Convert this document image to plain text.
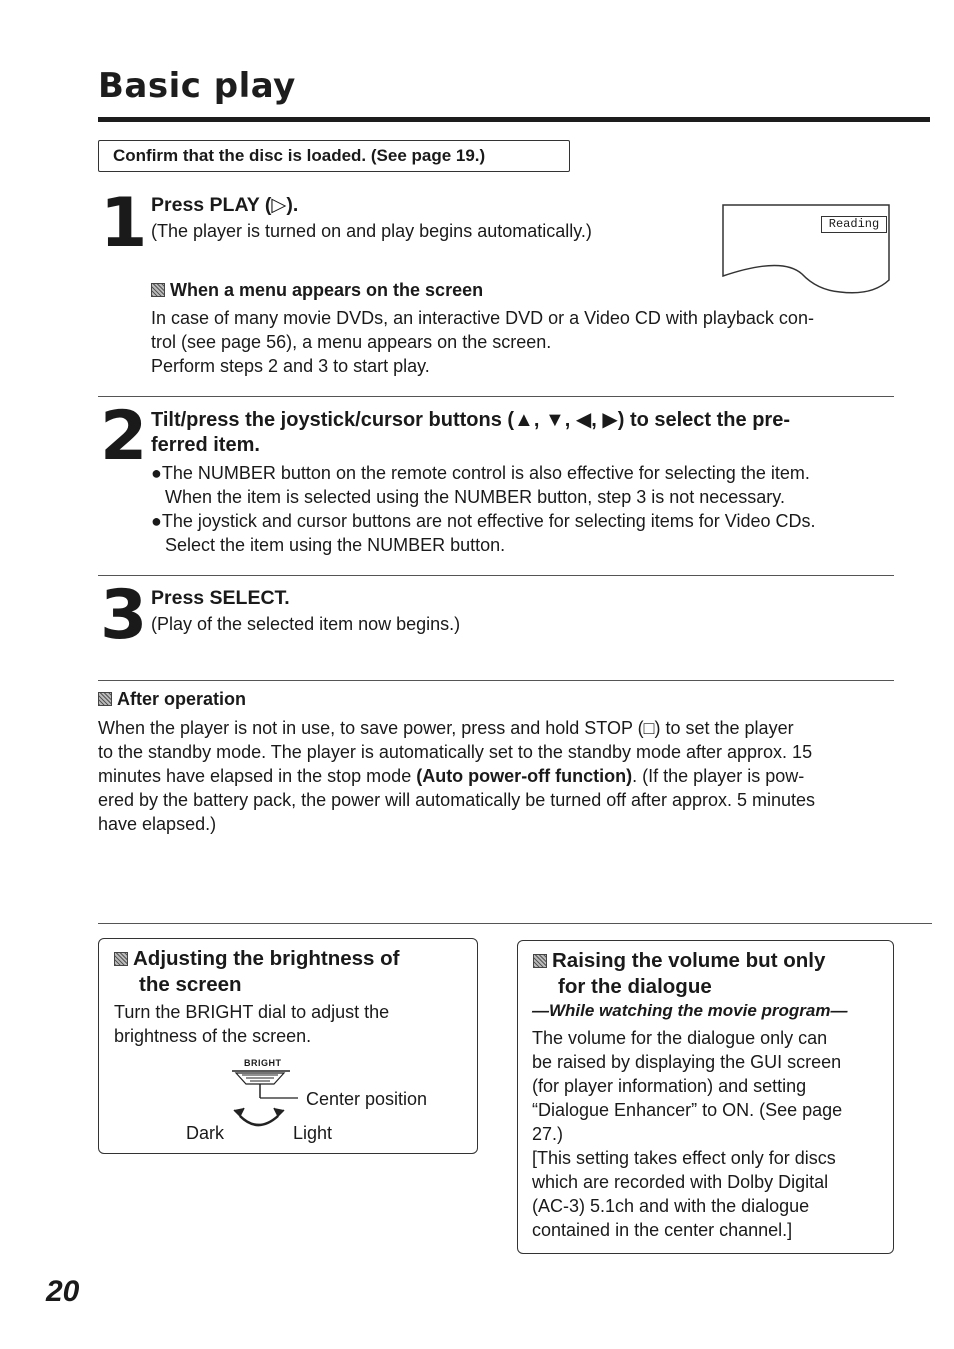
Basic play
Confirm that the disc is loaded. (See page 19.)
1 Press PLAY (▷).
(The player is turned on and play begins automatically.)	Reading
When a menu appears on the screen
In case of many movie DVDs, an interactive DVD or a Video CD with playback con-
trol (see page 56), a menu appears on the screen.
Perform steps 2 and 3 to start play.
2 Tilt/press the joystick/cursor buttons (▲, ▼, ◀, ▶) to select the pre-
ferred item.
●The NUMBER button on the remote control is also effective for selecting the item.
When the item is selected using the NUMBER button, step 3 is not necessary.
●The joystick and cursor buttons are not effective for selecting items for Video CDs.
Select the item using the NUMBER button.
3 Press SELECT.
(Play of the selected item now begins.)
After operation
When the player is not in use, to save power, press and hold STOP (□) to set the player
to the standby mode. The player is automatically set to the standby mode after approx. 15
minutes have elapsed in the stop mode (Auto power-off function). (If the player is pow-
ered by the battery pack, the power will automatically be turned off after approx. 5 minutes
have elapsed.)
Adjusting the brightness of
the screen
Turn the BRIGHT dial to adjust the
brightness of the screen.
BRIGHT
Center position
Dark	Light
Raising the volume but only
for the dialogue
—While watching the movie program—
The volume for the dialogue only can
be raised by displaying the GUI screen
(for player information) and setting
“Dialogue Enhancer” to ON. (See page
27.)
[This setting takes effect only for discs
which are recorded with Dolby Digital
(AC-3) 5.1ch and with the dialogue
contained in the center channel.]
20
